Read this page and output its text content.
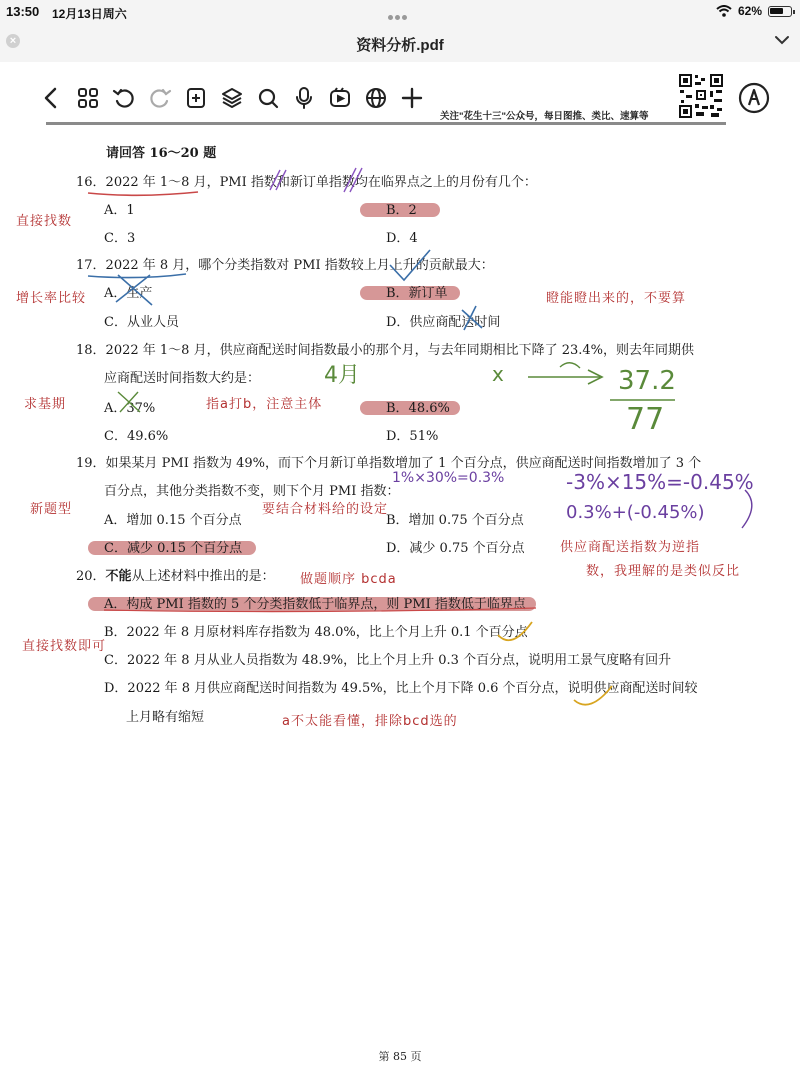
13:50 12月13日周六	62%
×	资料分析.pdf
关注"花生十三"公众号，每日图推、类比、速算等
请回答 16～20 题
16．2022 年 1～8 月，PMI 指数和新订单指数均在临界点之上的月份有几个：
A．1	B．2
C．3	D．4
17．2022 年 8 月，哪个分类指数对 PMI 指数较上月上升的贡献最大：
A．生产	B．新订单
C．从业人员	D．供应商配送时间
18．2022 年 1～8 月，供应商配送时间指数最小的那个月，与去年同期相比下降了 23.4%，则去年同期供
应商配送时间指数大约是：
A．37%	B．48.6%
C．49.6%	D．51%
19．如果某月 PMI 指数为 49%，而下个月新订单指数增加了 1 个百分点，供应商配送时间指数增加了 3 个
百分点，其他分类指数不变，则下个月 PMI 指数：
A．增加 0.15 个百分点	B．增加 0.75 个百分点
C．减少 0.15 个百分点	D．减少 0.75 个百分点
20．不能从上述材料中推出的是：
A．构成 PMI 指数的 5 个分类指数低于临界点，则 PMI 指数低于临界点
B．2022 年 8 月原材料库存指数为 48.0%，比上个月上升 0.1 个百分点
C．2022 年 8 月从业人员指数为 48.9%，比上个月上升 0.3 个百分点，说明用工景气度略有回升
D．2022 年 8 月供应商配送时间指数为 49.5%，比上个月下降 0.6 个百分点，说明供应商配送时间较
上月略有缩短
直接找数
增长率比较	瞪能瞪出来的，不要算
求基期
4月
指a打b，注意主体
x	37.2
77
新题型
1%×30%=0.3%	-3%×15%=-0.45%
0.3%+(-0.45%)
要结合材料给的设定
供应商配送指数为逆指
数，我理解的是类似反比
做题顺序 bcda
直接找数即可
a不太能看懂，排除bcd选的
第 85 页
